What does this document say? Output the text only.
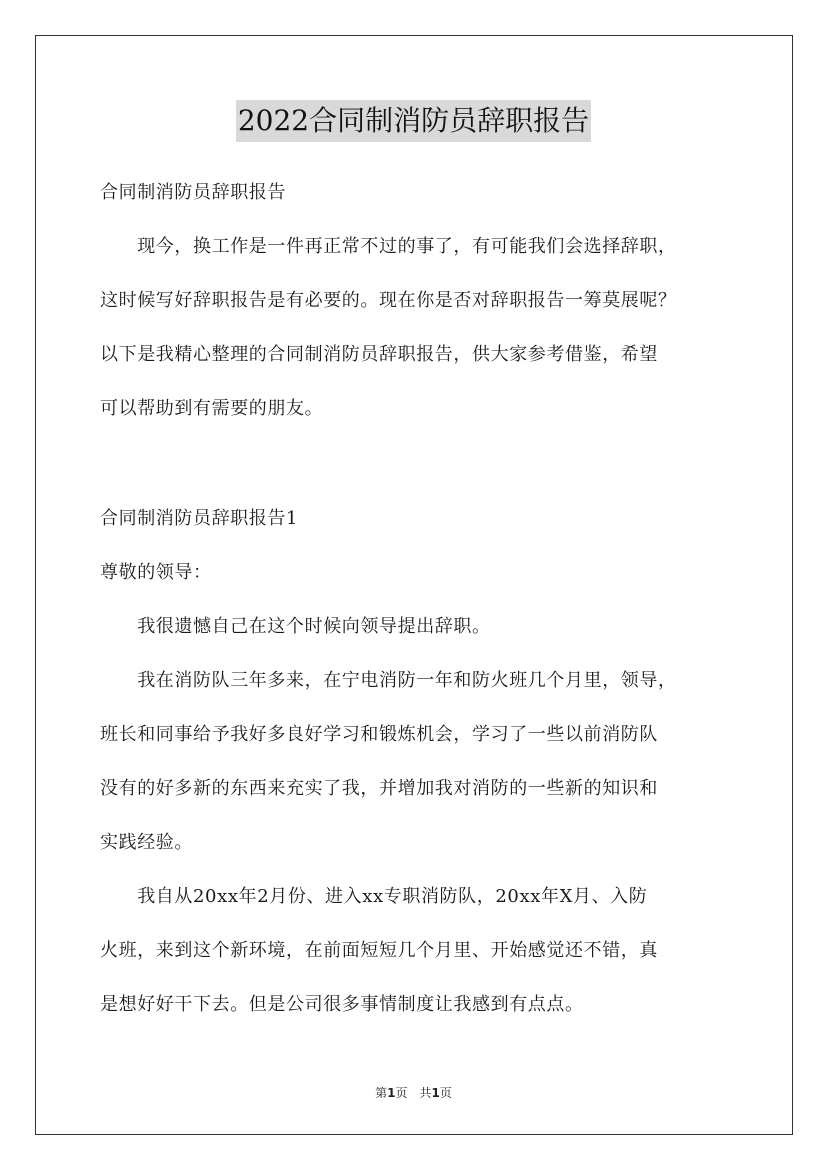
2022合同制消防员辞职报告
合同制消防员辞职报告
　　现今，换工作是一件再正常不过的事了，有可能我们会选择辞职，
这时候写好辞职报告是有必要的。现在你是否对辞职报告一筹莫展呢？
以下是我精心整理的合同制消防员辞职报告，供大家参考借鉴，希望
可以帮助到有需要的朋友。
合同制消防员辞职报告1
尊敬的领导：
　　我很遗憾自己在这个时候向领导提出辞职。
　　我在消防队三年多来，在宁电消防一年和防火班几个月里，领导，
班长和同事给予我好多良好学习和锻炼机会，学习了一些以前消防队
没有的好多新的东西来充实了我，并增加我对消防的一些新的知识和
实践经验。
　　我自从20xx年2月份、进入xx专职消防队，20xx年X月、入防
火班，来到这个新环境，在前面短短几个月里、开始感觉还不错，真
是想好好干下去。但是公司很多事情制度让我感到有点点。
第1页　共1页
